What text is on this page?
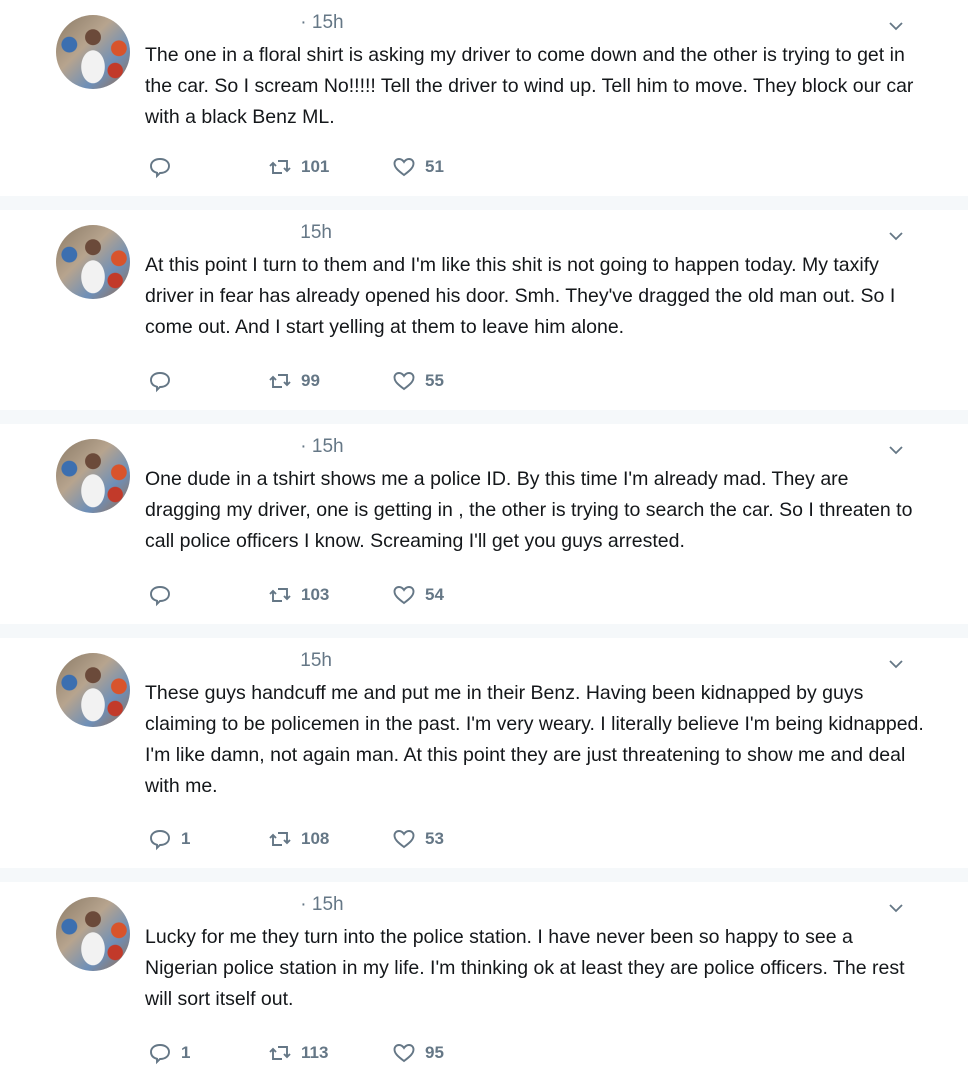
· 15h
The one in a floral shirt is asking my driver to come down and the other is trying to get in the car. So I scream No!!!!! Tell the driver to wind up. Tell him to move. They block our car with a black Benz ML.
101	51
15h
At this point I turn to them and I'm like this shit is not going to happen today. My taxify driver in fear has already opened his door. Smh. They've dragged the old man out. So I come out. And I start yelling at them to leave him alone.
99	55
· 15h
One dude in a tshirt shows me a police ID. By this time I'm already mad. They are dragging my driver, one is getting in , the other is trying to search the car. So I threaten to call police officers I know. Screaming I'll get you guys arrested.
103	54
15h
These guys handcuff me and put me in their Benz. Having been kidnapped by guys claiming to be policemen in the past. I'm very weary. I literally believe I'm being kidnapped. I'm like damn, not again man. At this point they are just threatening to show me and deal with me.
1	108	53
· 15h
Lucky for me they turn into the police station. I have never been so happy to see a Nigerian police station in my life. I'm thinking ok at least they are police officers. The rest will sort itself out.
1	113	95
